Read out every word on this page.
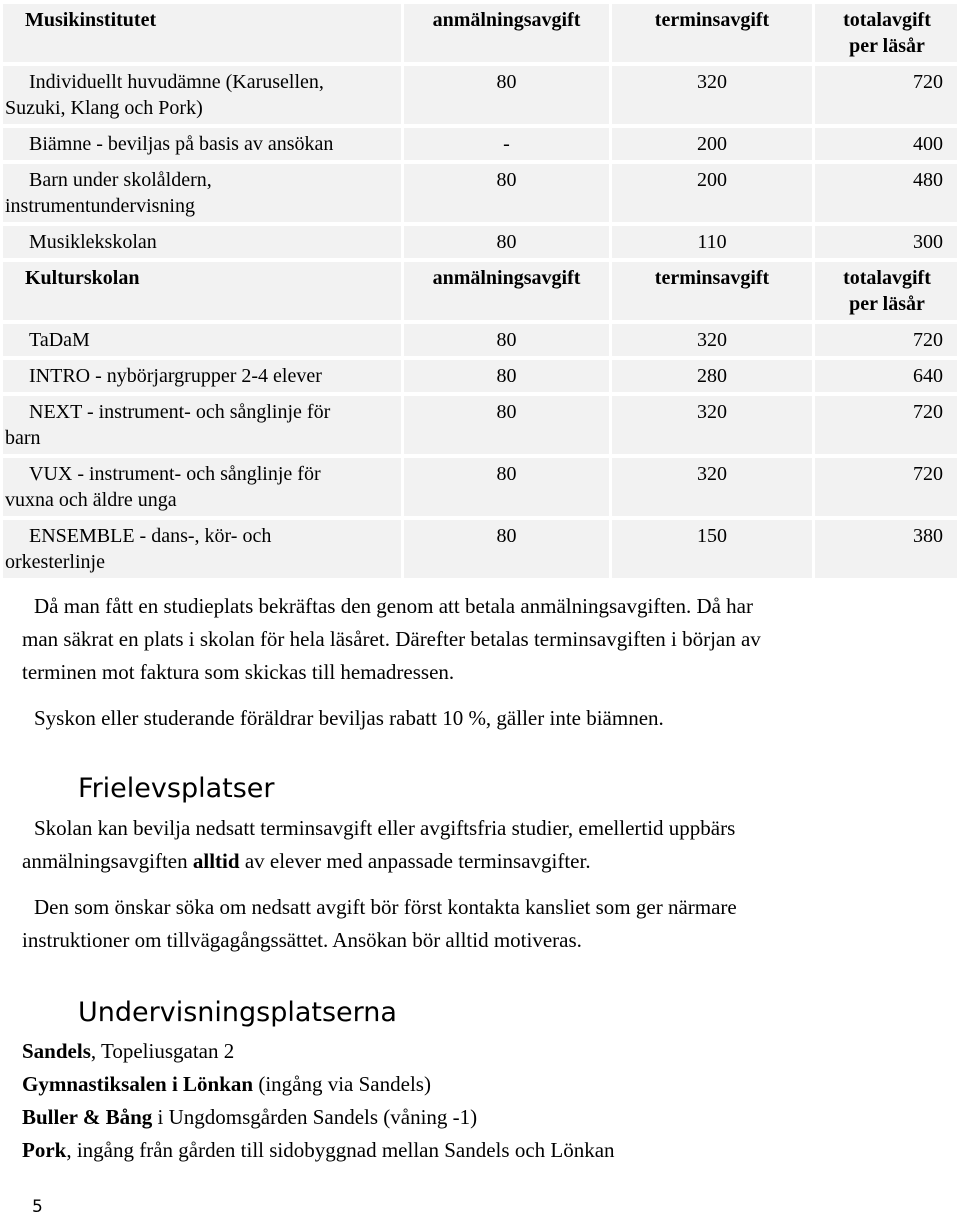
Musikinstitutet	anmälningsavgift	terminsavgift	totalavgift
per läsår
Individuellt huvudämne (Karusellen,
Suzuki, Klang och Pork)	80	320	720
Biämne - beviljas på basis av ansökan	-	200	400
Barn under skolåldern,
instrumentundervisning	80	200	480
Musiklekskolan	80	110	300
Kulturskolan	anmälningsavgift	terminsavgift	totalavgift
per läsår
TaDaM	80	320	720
INTRO - nybörjargrupper 2-4 elever	80	280	640
NEXT - instrument- och sånglinje för
barn	80	320	720
VUX - instrument- och sånglinje för
vuxna och äldre unga	80	320	720
ENSEMBLE - dans-, kör- och
orkesterlinje	80	150	380
Då man fått en studieplats bekräftas den genom att betala anmälningsavgiften. Då har
man säkrat en plats i skolan för hela läsåret. Därefter betalas terminsavgiften i början av
terminen mot faktura som skickas till hemadressen.
Syskon eller studerande föräldrar beviljas rabatt 10 %, gäller inte biämnen.
Frielevsplatser
Skolan kan bevilja nedsatt terminsavgift eller avgiftsfria studier, emellertid uppbärs
anmälningsavgiften alltid av elever med anpassade terminsavgifter.
Den som önskar söka om nedsatt avgift bör först kontakta kansliet som ger närmare
instruktioner om tillvägagångssättet. Ansökan bör alltid motiveras.
Undervisningsplatserna
Sandels, Topeliusgatan 2
Gymnastiksalen i Lönkan (ingång via Sandels)
Buller & Bång i Ungdomsgården Sandels (våning -1)
Pork, ingång från gården till sidobyggnad mellan Sandels och Lönkan
5
